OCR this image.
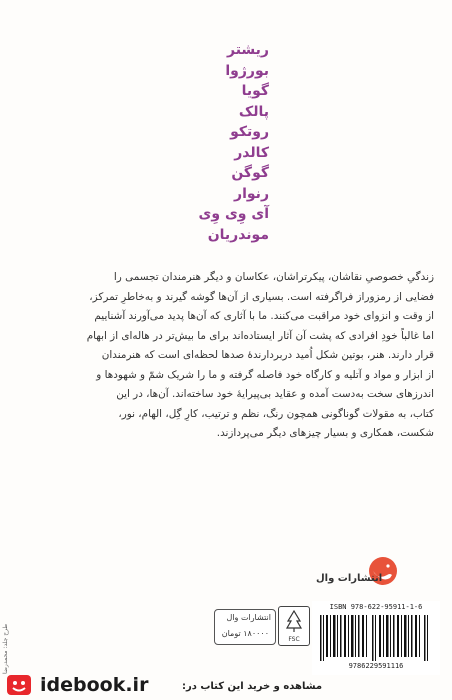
ریشتر
بورژوا
گویا
پالک
روتکو
کالدر
گوگن
رنوار
آی وِی وِی
موندریان
زندگیِ خصوصیِ نقاشان، پیکرتراشان، عکاسان و دیگر هنرمندان تجسمی را
فضایی از رمزوراز فراگرفته است. بسیاری از آن‌ها گوشه گیرند و به‌خاطرِ تمرکز،
از وقت و انزوای خود مراقبت می‌کنند. ما با آثاری که آن‌ها پدید می‌آورند آشناییم
اما غالباً خودِ افرادی که پشت آن آثار ایستاده‌اند برای ما بیش‌تر در هاله‌ای از ابهام
قرار دارند. هنر، بوتین شکل اُمید دربردارندهٔ صدها لحظه‌ای است که هنرمندان
از ابزار و مواد و آتلیه و کارگاه خود فاصله گرفته و ما را شریک شمّ و شهودها و
اندرزهای سخت به‌دست آمده و عقاید بی‌پیرایهٔ خود ساخته‌اند. آن‌ها، در این
کتاب، به مقولات گوناگونی همچون رنگ، نظم و ترتیب، کارِ گِل، الهام، نور،
شکست، همکاری و بسیار چیزهای دیگر می‌پردازند.
انتشارات وال
ISBN 978-622-95911-1-6
9786229591116
FSC
انتشارات وال
۱۸۰۰۰۰ تومان
طرح جلد: محمدرضا
idebook.ir	مشاهده و خرید این کتاب در:
